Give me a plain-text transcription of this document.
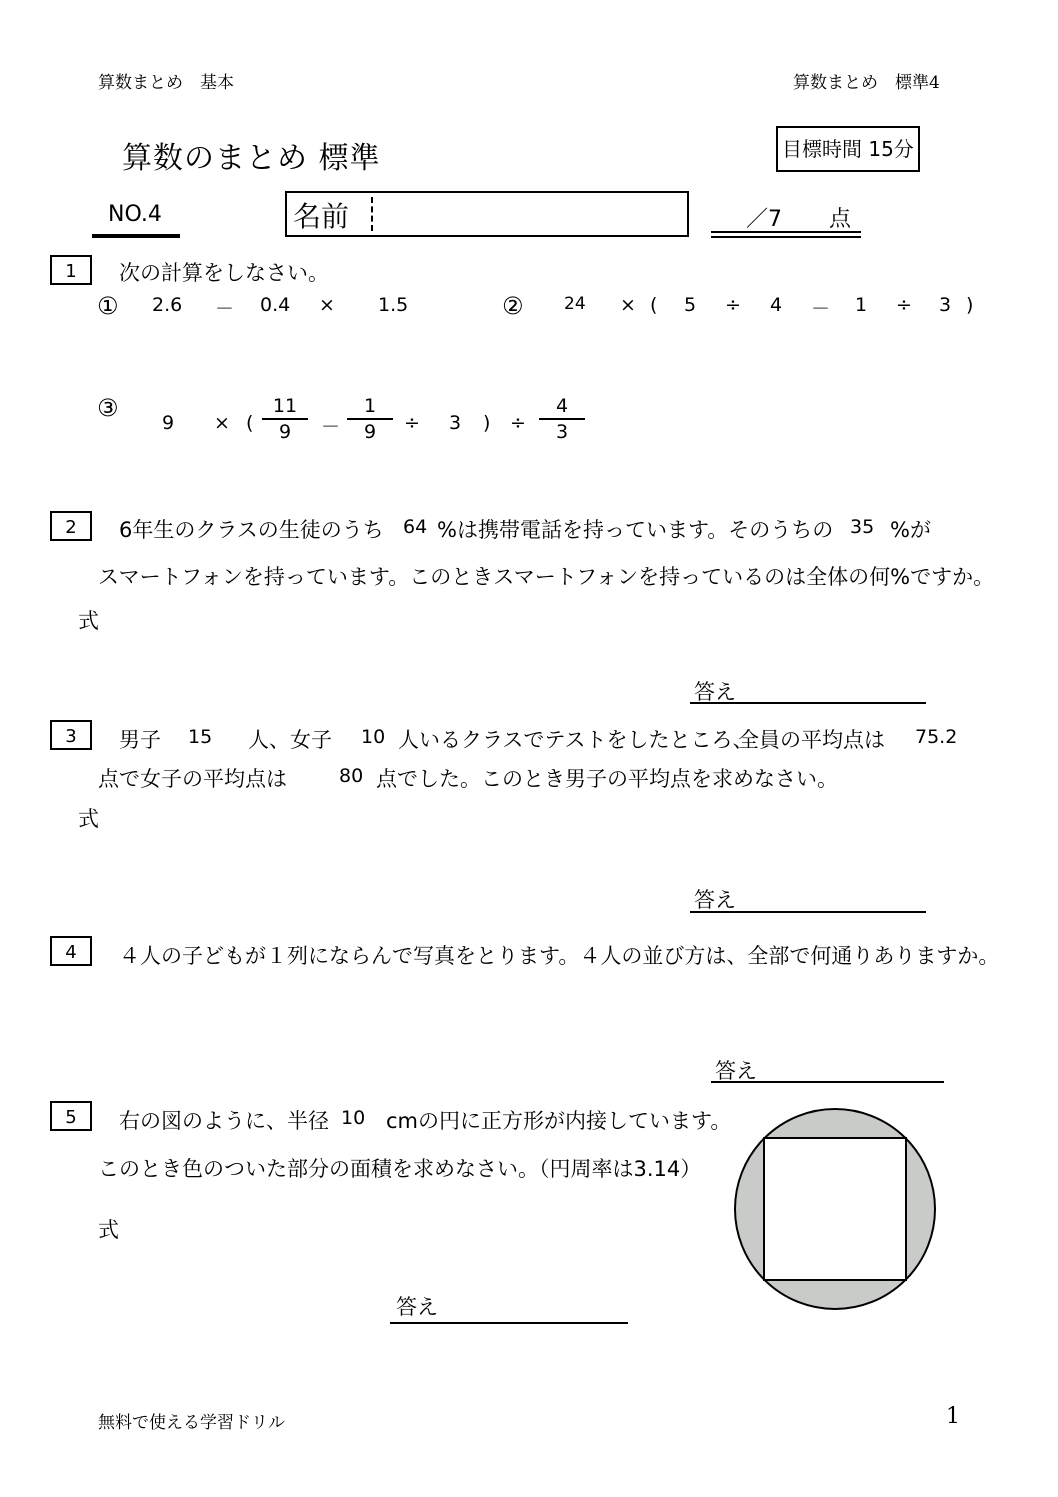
算数まとめ　基本	算数まとめ　標準4
算数のまとめ 標準	目標時間 15分
NO.4	名前	／7 点
1	次の計算をしなさい。
① 2.6 － 0.4 × 1.5	② 24 × ( 5 ÷ 4 － 1 ÷ 3 )
③
9 × (
11
9 －
1
9 ÷ 3 ) ÷
4
3
2	6年生のクラスの生徒のうち 64 %は携帯電話を持っています。そのうちの 35 %が
スマートフォンを持っています。このときスマートフォンを持っているのは全体の何%ですか。
式
答え
3	男子 15 人、女子 10 人いるクラスでテストをしたところ、
全員の平均点は 75.2
点で女子の平均点は	80 点でした。このとき男子の平均点を求めなさい。
式
答え
4	４人の子どもが１列にならんで写真をとります。４人の並び方は、全部で何通りありますか。
答え
5	右の図のように、半径 10 cmの円に正方形が内接しています。
このとき色のついた部分の面積を求めなさい。（円周率は3.14）
式
答え
無料で使える学習ドリル	1
